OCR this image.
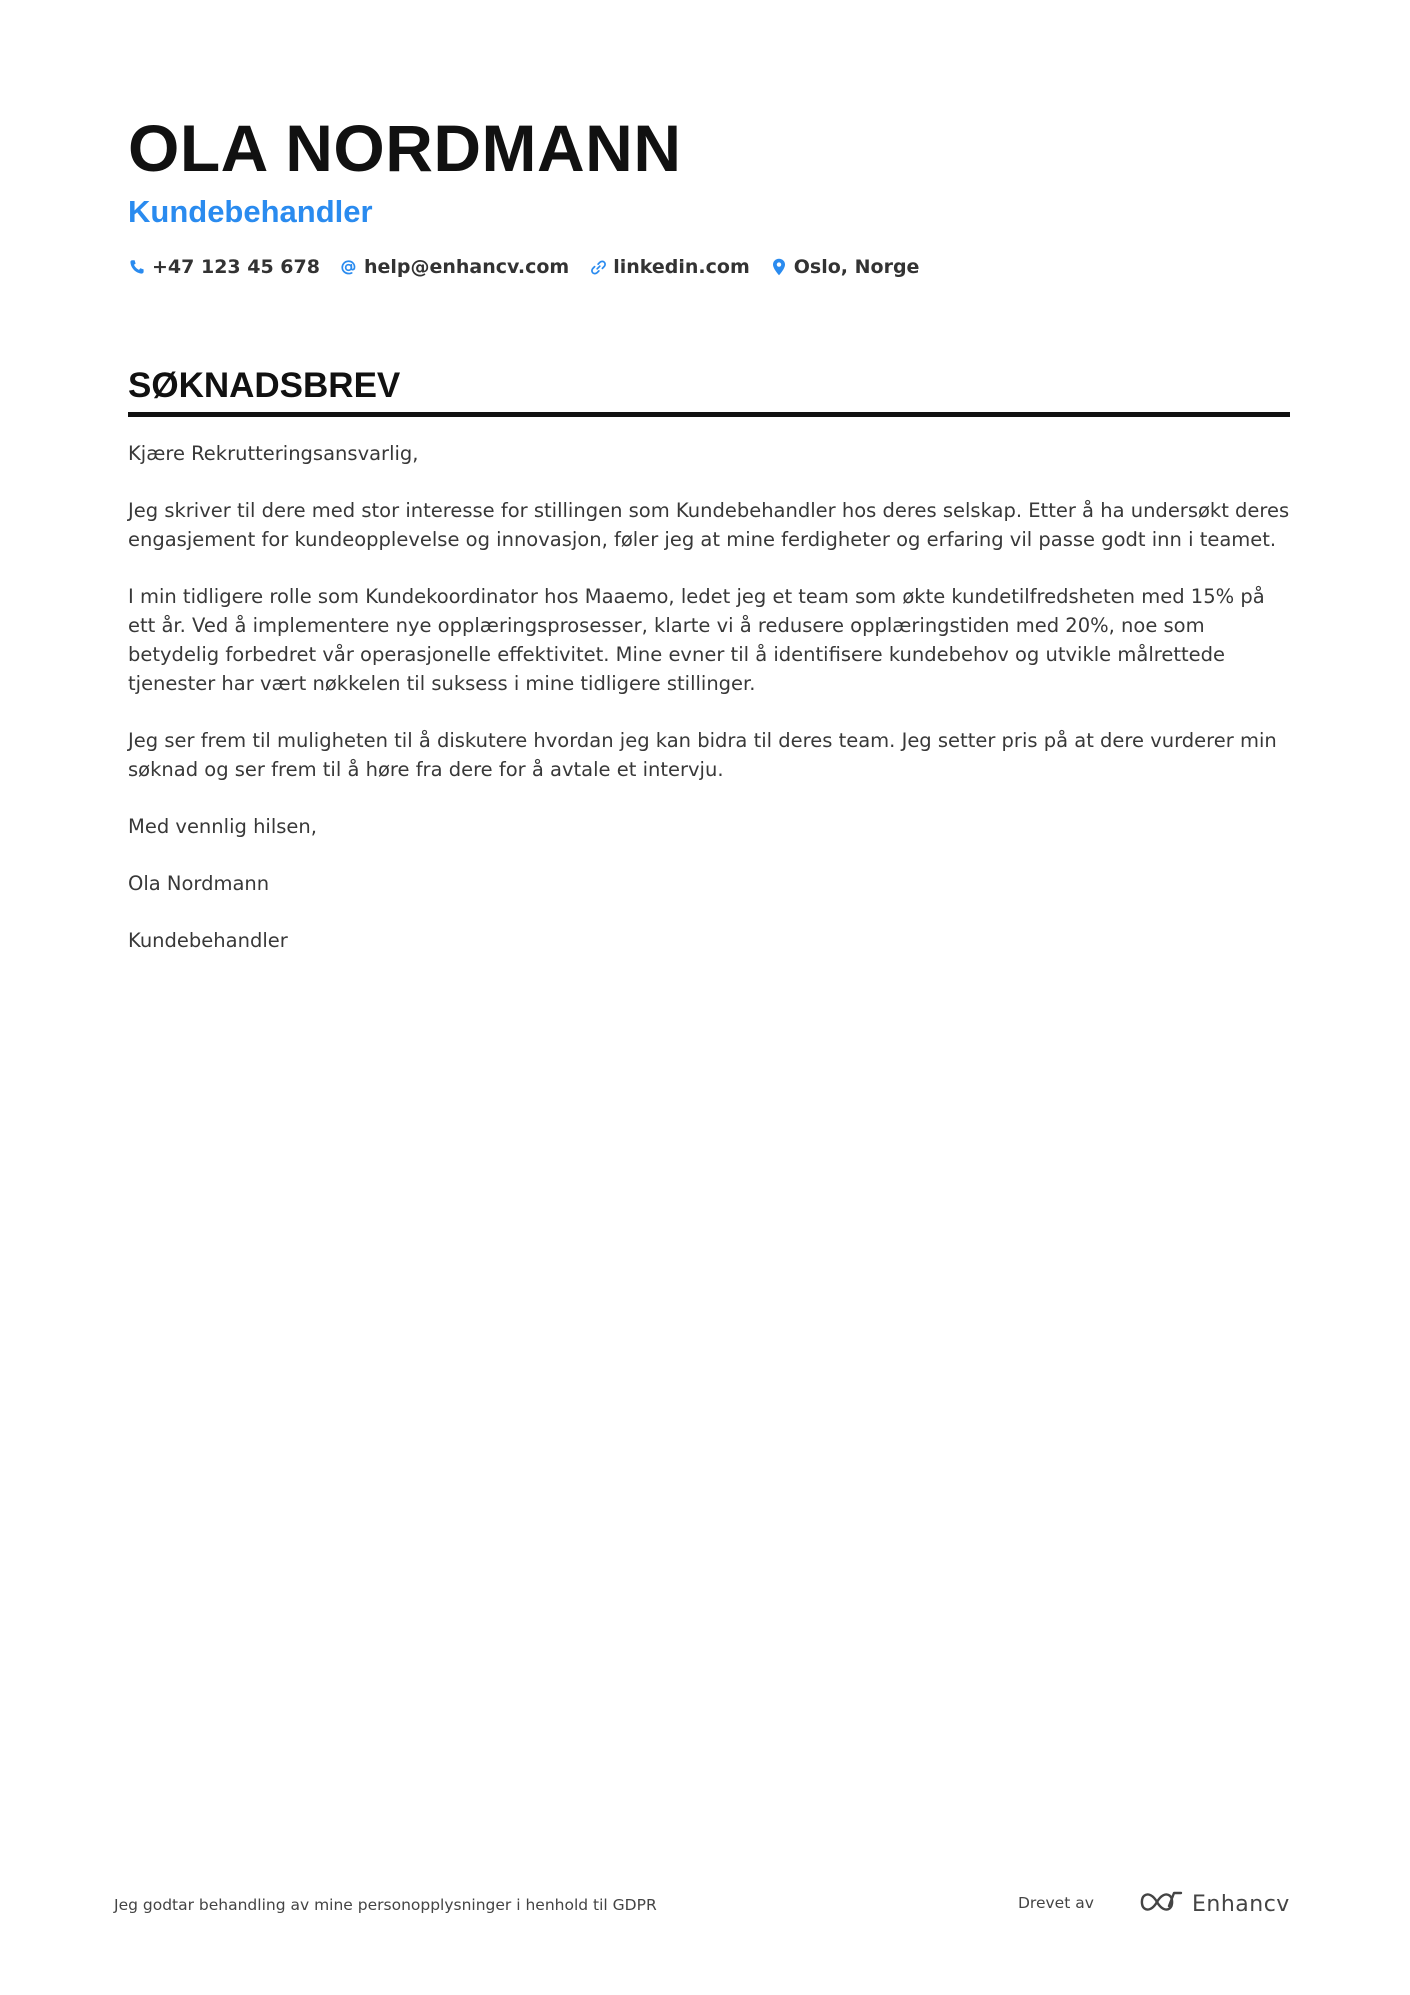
OLA NORDMANN
Kundebehandler
+47 123 45 678 help@enhancv.com linkedin.com Oslo, Norge
SØKNADSBREV

Kjære Rekrutteringsansvarlig,

Jeg skriver til dere med stor interesse for stillingen som Kundebehandler hos deres selskap. Etter å ha undersøkt deres engasjement for kundeopplevelse og innovasjon, føler jeg at mine ferdigheter og erfaring vil passe godt inn i teamet.

I min tidligere rolle som Kundekoordinator hos Maaemo, ledet jeg et team som økte kundetilfredsheten med 15% på ett år. Ved å implementere nye opplæringsprosesser, klarte vi å redusere opplæringstiden med 20%, noe som betydelig forbedret vår operasjonelle effektivitet. Mine evner til å identifisere kundebehov og utvikle målrettede tjenester har vært nøkkelen til suksess i mine tidligere stillinger.

Jeg ser frem til muligheten til å diskutere hvordan jeg kan bidra til deres team. Jeg setter pris på at dere vurderer min søknad og ser frem til å høre fra dere for å avtale et intervju.

Med vennlig hilsen,

Ola Nordmann

Kundebehandler

Jeg godtar behandling av mine personopplysninger i henhold til GDPR	Drevet av	Enhancv
